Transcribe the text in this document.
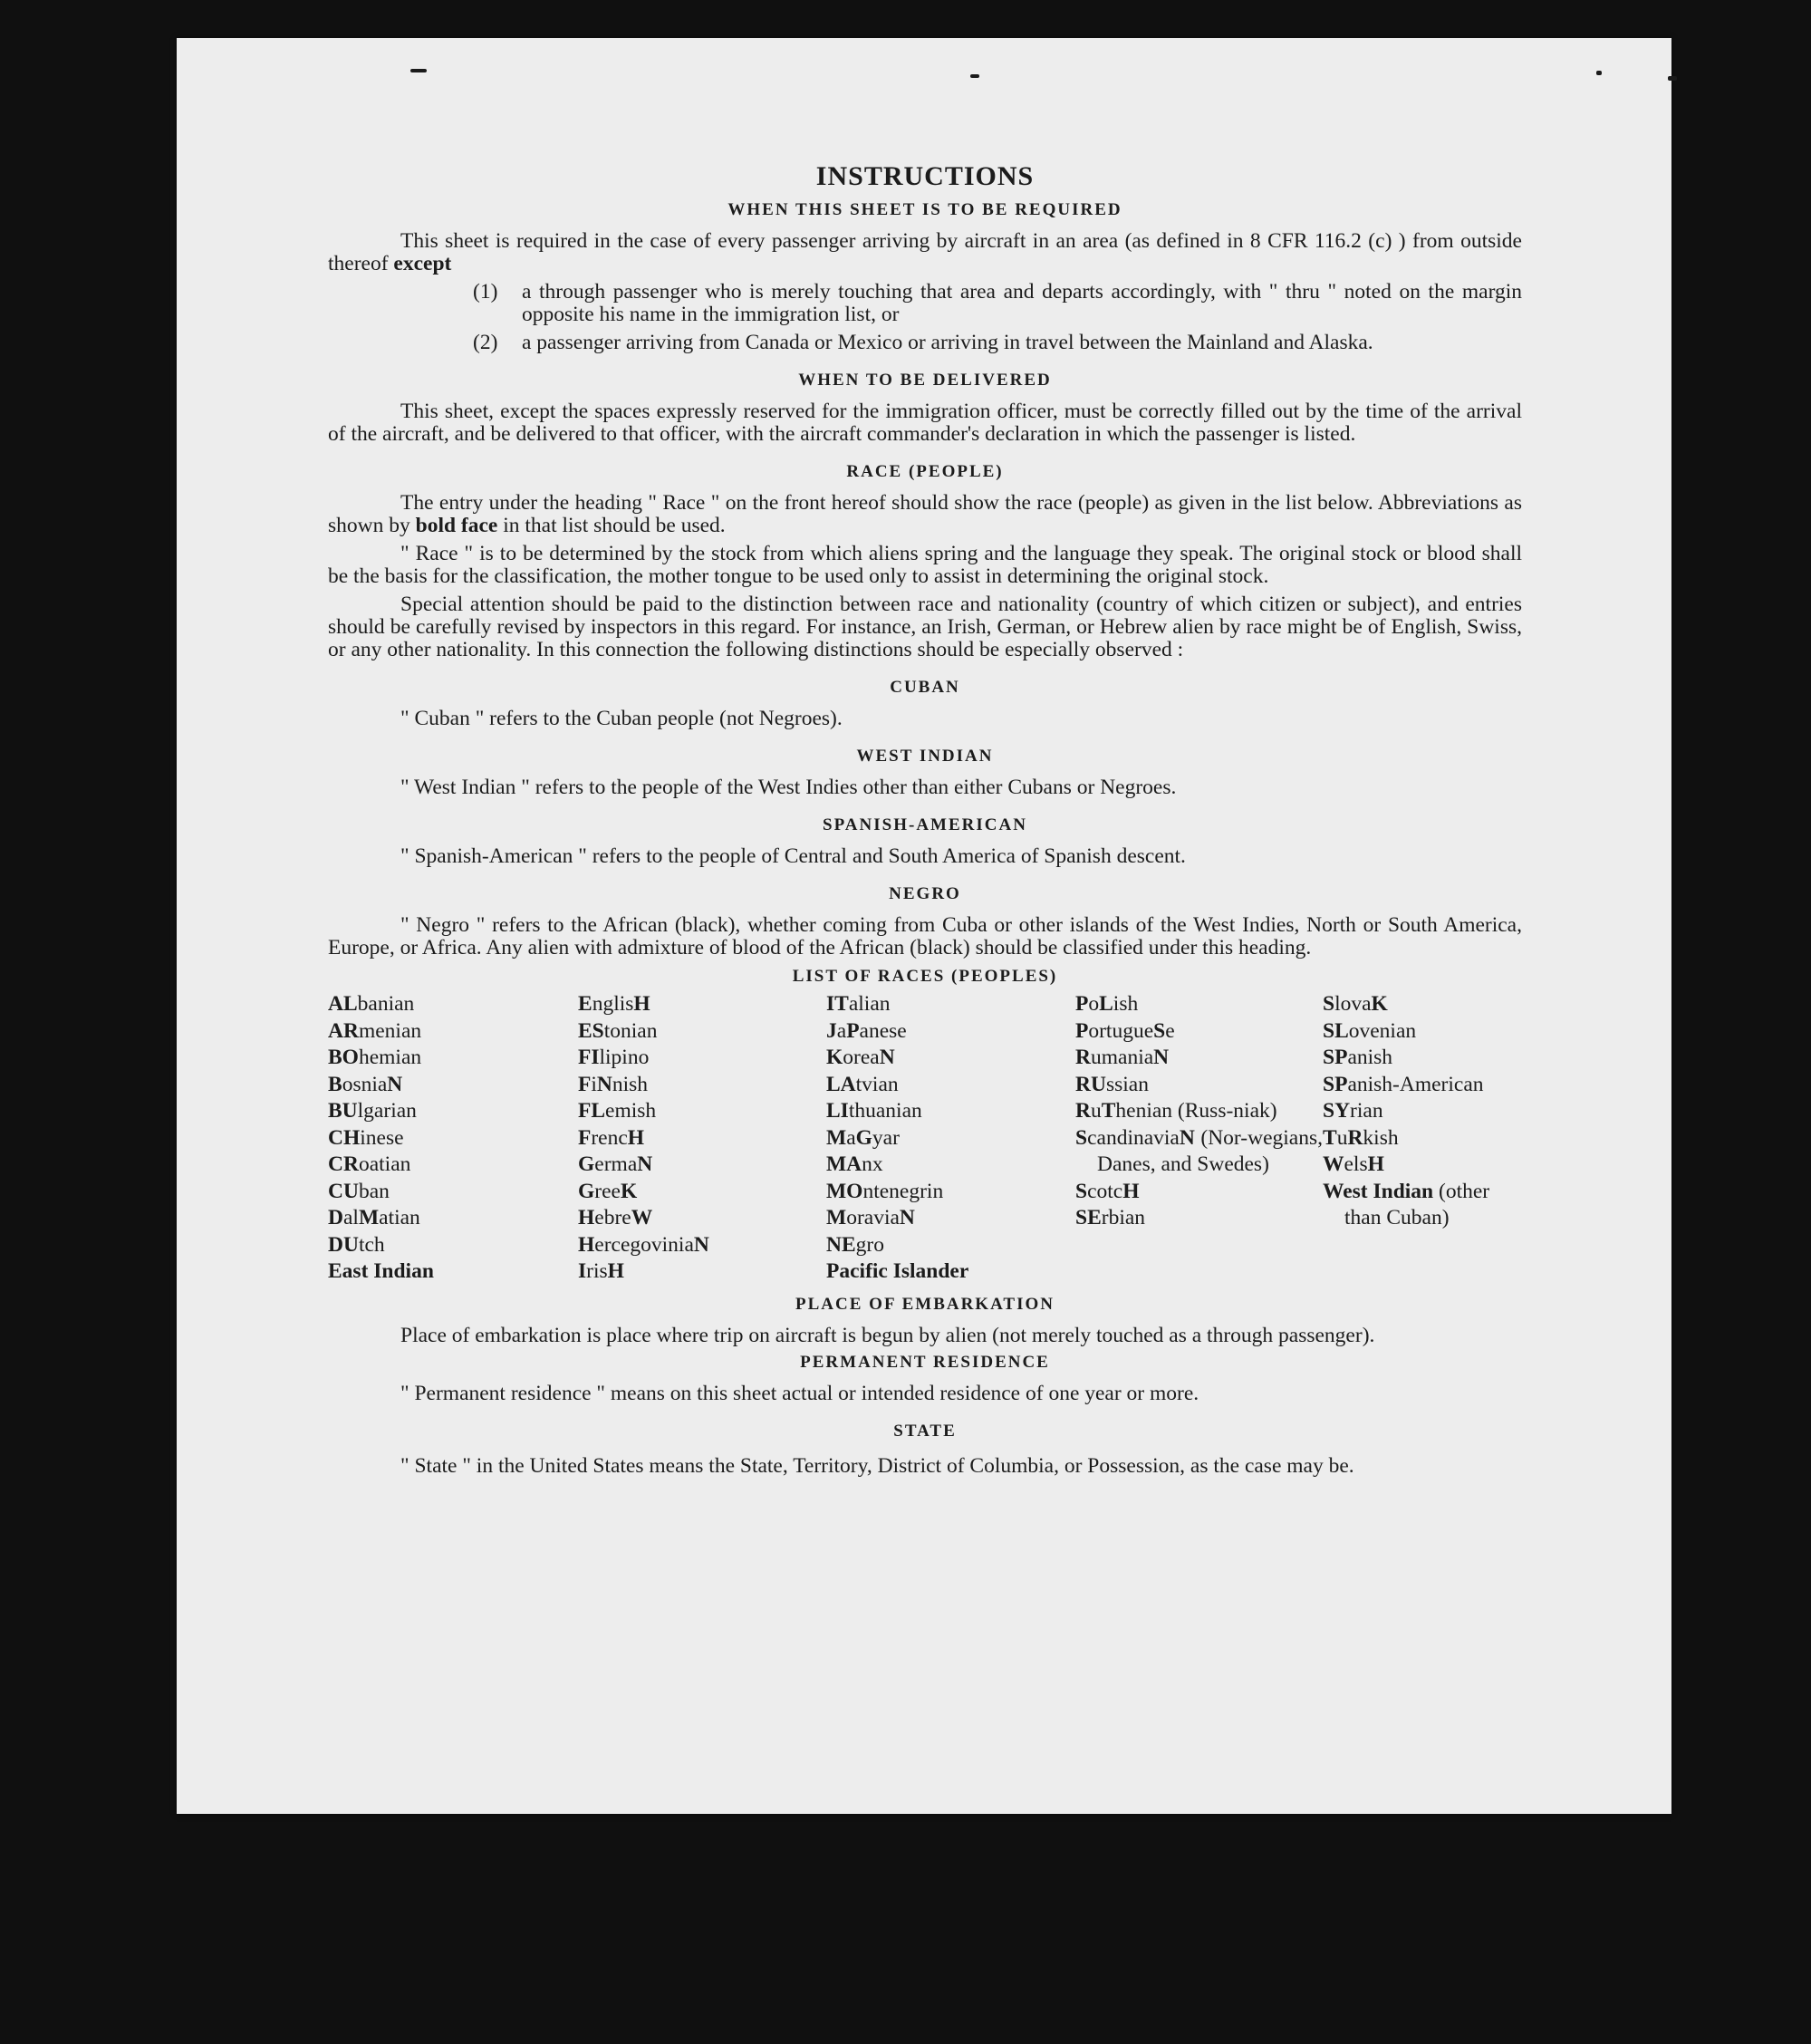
INSTRUCTIONS
WHEN THIS SHEET IS TO BE REQUIRED

This sheet is required in the case of every passenger arriving by aircraft in an area (as defined in 8 CFR 116.2 (c) ) from outside thereof except

(1)	a through passenger who is merely touching that area and departs accordingly, with " thru " noted on the margin opposite his name in the immigration list, or
(2)	a passenger arriving from Canada or Mexico or arriving in travel between the Mainland and Alaska.
WHEN TO BE DELIVERED

This sheet, except the spaces expressly reserved for the immigration officer, must be correctly filled out by the time of the arrival of the aircraft, and be delivered to that officer, with the aircraft commander's declaration in which the passenger is listed.

RACE (PEOPLE)

The entry under the heading " Race " on the front hereof should show the race (people) as given in the list below. Abbreviations as shown by bold face in that list should be used.

" Race " is to be determined by the stock from which aliens spring and the language they speak. The original stock or blood shall be the basis for the classification, the mother tongue to be used only to assist in determining the original stock.

Special attention should be paid to the distinction between race and nationality (country of which citizen or subject), and entries should be carefully revised by inspectors in this regard. For instance, an Irish, German, or Hebrew alien by race might be of English, Swiss, or any other nationality. In this connection the following distinctions should be especially observed :

CUBAN

" Cuban " refers to the Cuban people (not Negroes).

WEST INDIAN

" West Indian " refers to the people of the West Indies other than either Cubans or Negroes.

SPANISH-AMERICAN

" Spanish-American " refers to the people of Central and South America of Spanish descent.

NEGRO

" Negro " refers to the African (black), whether coming from Cuba or other islands of the West Indies, North or South America, Europe, or Africa. Any alien with admixture of blood of the African (black) should be classified under this heading.

LIST OF RACES (PEOPLES)
ALbanian
ARmenian
BOhemian
BosniaN
BUlgarian
CHinese
CRoatian
CUban
DalMatian
DUtch
East Indian
EnglisH
EStonian
FIlipino
FiNnish
FLemish
FrencH
GermaN
GreeK
HebreW
HercegoviniaN
IrisH
ITalian
JaPanese
KoreaN
LAtvian
LIthuanian
MaGyar
MAnx
MOntenegrin
MoraviaN
NEgro
Pacific Islander
PoLish
PortugueSe
RumaniaN
RUssian
RuThenian (Russ-niak)
ScandinaviaN (Nor-wegians, Danes, and Swedes)
ScotcH
SErbian
SlovaK
SLovenian
SPanish
SPanish-American
SYrian
TuRkish
WelsH
West Indian (other than Cuban)
PLACE OF EMBARKATION

Place of embarkation is place where trip on aircraft is begun by alien (not merely touched as a through passenger).

PERMANENT RESIDENCE

" Permanent residence " means on this sheet actual or intended residence of one year or more.

STATE

" State " in the United States means the State, Territory, District of Columbia, or Possession, as the case may be.
